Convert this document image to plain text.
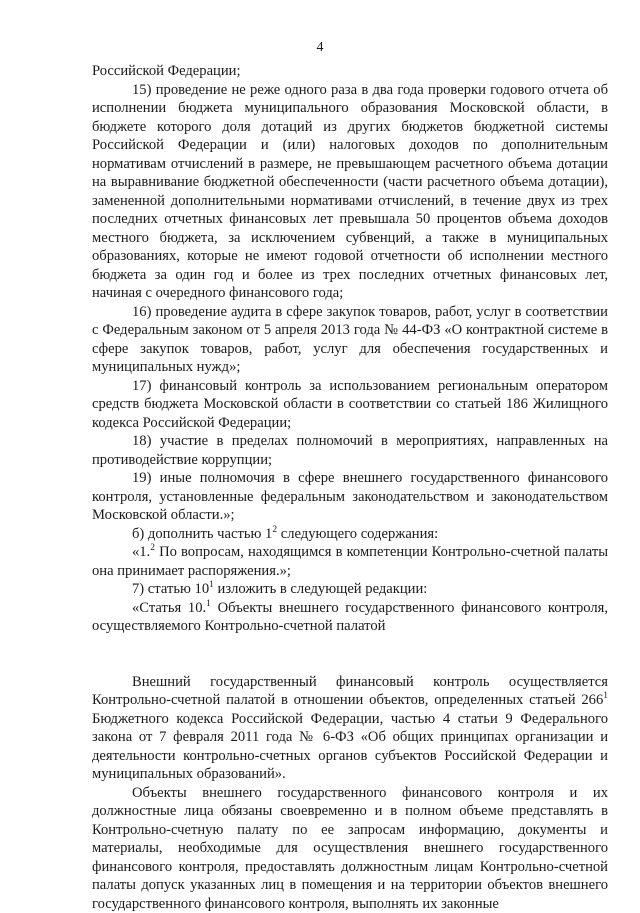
4

Российской Федерации;

15) проведение не реже одного раза в два года проверки годового отчета об исполнении бюджета муниципального образования Московской области, в бюджете которого доля дотаций из других бюджетов бюджетной системы Российской Федерации и (или) налоговых доходов по дополнительным нормативам отчислений в размере, не превышающем расчетного объема дотации на выравнивание бюджетной обеспеченности (части расчетного объема дотации), замененной дополнительными нормативами отчислений, в течение двух из трех последних отчетных финансовых лет превышала 50 процентов объема доходов местного бюджета, за исключением субвенций, а также в муниципальных образованиях, которые не имеют годовой отчетности об исполнении местного бюджета за один год и более из трех последних отчетных финансовых лет, начиная с очередного финансового года;

16) проведение аудита в сфере закупок товаров, работ, услуг в соответствии с Федеральным законом от 5 апреля 2013 года № 44-ФЗ «О контрактной системе в сфере закупок товаров, работ, услуг для обеспечения государственных и муниципальных нужд»;

17) финансовый контроль за использованием региональным оператором средств бюджета Московской области в соответствии со статьей 186 Жилищного кодекса Российской Федерации;

18) участие в пределах полномочий в мероприятиях, направленных на противодействие коррупции;

19) иные полномочия в сфере внешнего государственного финансового контроля, установленные федеральным законодательством и законодательством Московской области.»;

б) дополнить частью $1^2$ следующего содержания:

«1.$^2$ По вопросам, находящимся в компетенции Контрольно-счетной палаты она принимает распоряжения.»;

7) статью $10^1$ изложить в следующей редакции:

«Статья 10.$^1$ Объекты внешнего государственного финансового контроля, осуществляемого Контрольно-счетной палатой

Внешний государственный финансовый контроль осуществляется Контрольно-счетной палатой в отношении объектов, определенных статьей $266^1$ Бюджетного кодекса Российской Федерации, частью 4 статьи 9 Федерального закона от 7 февраля 2011 года № 6-ФЗ «Об общих принципах организации и деятельности контрольно-счетных органов субъектов Российской Федерации и муниципальных образований».

Объекты внешнего государственного финансового контроля и их должностные лица обязаны своевременно и в полном объеме представлять в Контрольно-счетную палату по ее запросам информацию, документы и материалы, необходимые для осуществления внешнего государственного финансового контроля, предоставлять должностным лицам Контрольно-счетной палаты допуск указанных лиц в помещения и на территории объектов внешнего государственного финансового контроля, выполнять их законные
